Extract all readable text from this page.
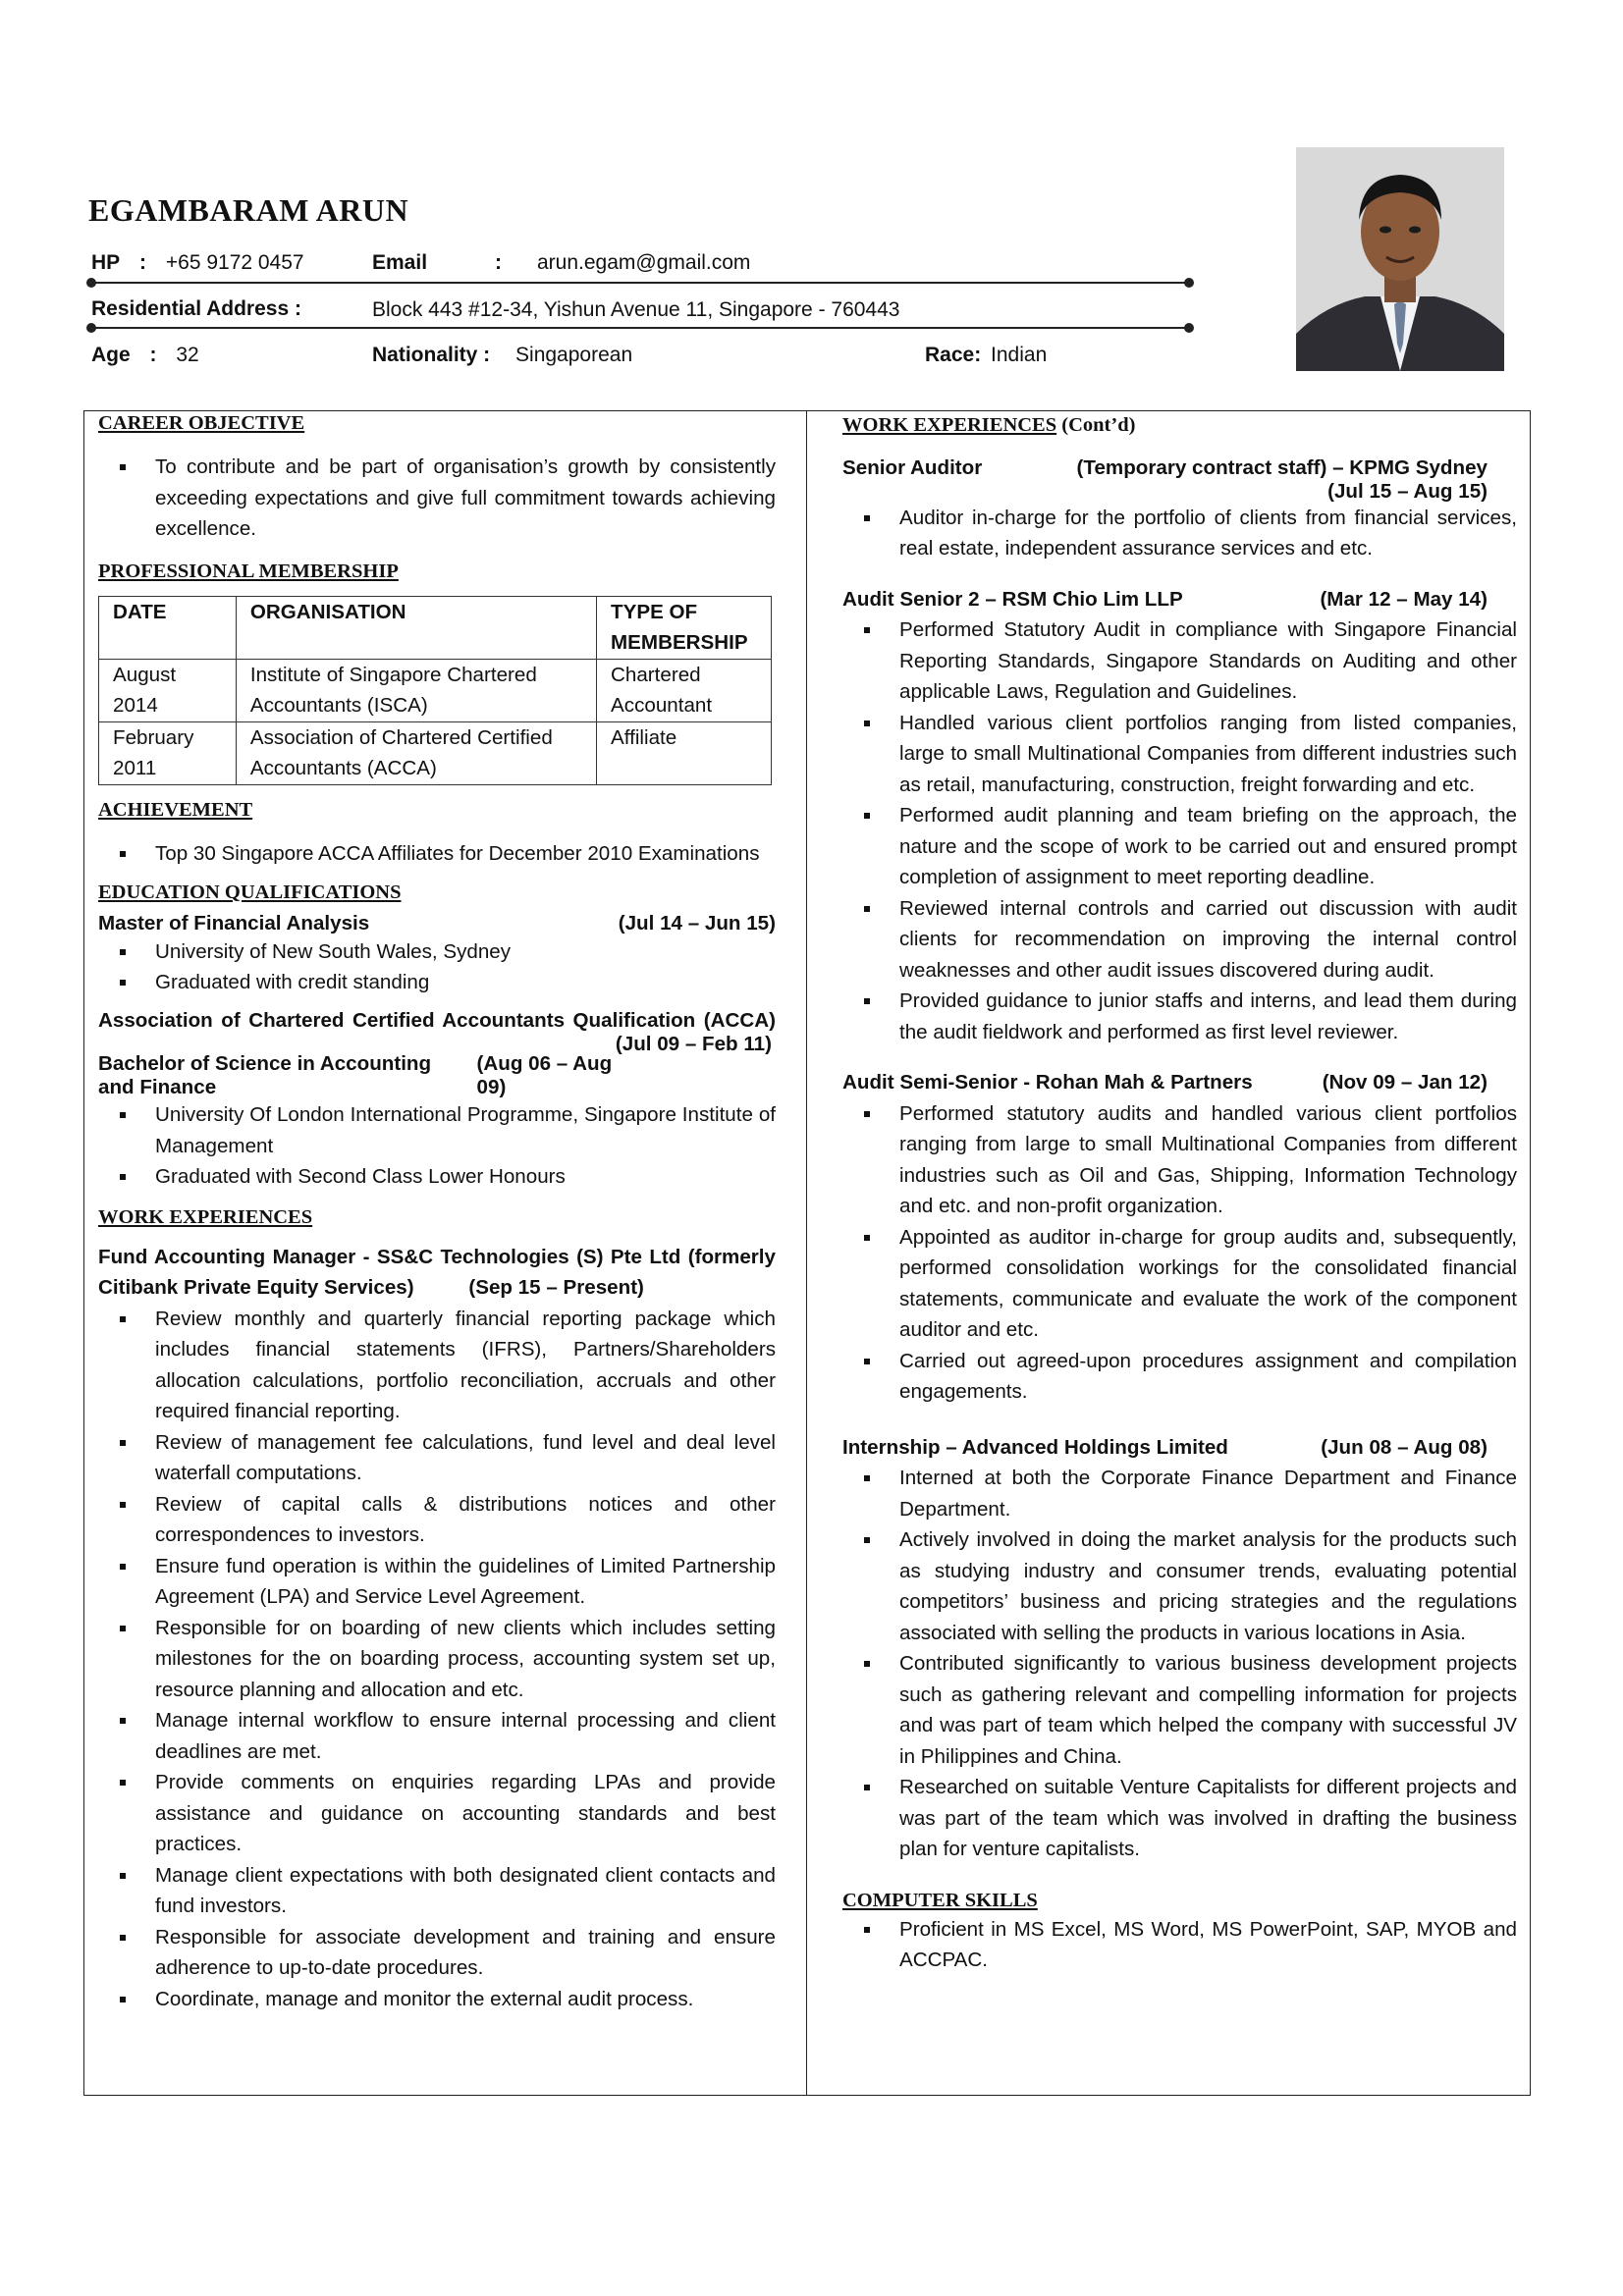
EGAMBARAM ARUN
HP : +65 9172 0457	Email	: arun.egam@gmail.com
Residential Address :	Block 443 #12-34, Yishun Avenue 11, Singapore - 760443
Age : 32	Nationality : Singaporean	Race: Indian
CAREER OBJECTIVE
To contribute and be part of organisation’s growth by consistently exceeding expectations and give full commitment towards achieving excellence.
PROFESSIONAL MEMBERSHIP
DATE	ORGANISATION	TYPE OF MEMBERSHIP
August 2014	Institute of Singapore Chartered Accountants (ISCA)	Chartered Accountant
February 2011	Association of Chartered Certified Accountants (ACCA)	Affiliate
ACHIEVEMENT
Top 30 Singapore ACCA Affiliates for December 2010 Examinations
EDUCATION QUALIFICATIONS
Master of Financial Analysis	(Jul 14 – Jun 15)
University of New South Wales, Sydney
Graduated with credit standing
Association of Chartered Certified Accountants Qualification (ACCA)
(Jul 09 – Feb 11)
Bachelor of Science in Accounting and Finance
(Aug 06 – Aug 09)
University Of London International Programme, Singapore Institute of Management
Graduated with Second Class Lower Honours
WORK EXPERIENCES
Fund Accounting Manager - SS&C Technologies (S) Pte Ltd (formerly Citibank Private Equity Services)	(Sep 15 – Present)
Review monthly and quarterly financial reporting package which includes financial statements (IFRS), Partners/Shareholders allocation calculations, portfolio reconciliation, accruals and other required financial reporting.
Review of management fee calculations, fund level and deal level waterfall computations.
Review of capital calls & distributions notices and other correspondences to investors.
Ensure fund operation is within the guidelines of Limited Partnership Agreement (LPA) and Service Level Agreement.
Responsible for on boarding of new clients which includes setting milestones for the on boarding process, accounting system set up, resource planning and allocation and etc.
Manage internal workflow to ensure internal processing and client deadlines are met.
Provide comments on enquiries regarding LPAs and provide assistance and guidance on accounting standards and best practices.
Manage client expectations with both designated client contacts and fund investors.
Responsible for associate development and training and ensure adherence to up-to-date procedures.
Coordinate, manage and monitor the external audit process.
WORK EXPERIENCES (Cont’d)
Senior Auditor	(Temporary contract staff) – KPMG Sydney
(Jul 15 – Aug 15)
Auditor in-charge for the portfolio of clients from financial services, real estate, independent assurance services and etc.
Audit Senior 2 – RSM Chio Lim LLP	(Mar 12 – May 14)
Performed Statutory Audit in compliance with Singapore Financial Reporting Standards, Singapore Standards on Auditing and other applicable Laws, Regulation and Guidelines.
Handled various client portfolios ranging from listed companies, large to small Multinational Companies from different industries such as retail, manufacturing, construction, freight forwarding and etc.
Performed audit planning and team briefing on the approach, the nature and the scope of work to be carried out and ensured prompt completion of assignment to meet reporting deadline.
Reviewed internal controls and carried out discussion with audit clients for recommendation on improving the internal control weaknesses and other audit issues discovered during audit.
Provided guidance to junior staffs and interns, and lead them during the audit fieldwork and performed as first level reviewer.
Audit Semi-Senior - Rohan Mah & Partners	(Nov 09 – Jan 12)
Performed statutory audits and handled various client portfolios ranging from large to small Multinational Companies from different industries such as Oil and Gas, Shipping, Information Technology and etc. and non-profit organization.
Appointed as auditor in-charge for group audits and, subsequently, performed consolidation workings for the consolidated financial statements, communicate and evaluate the work of the component auditor and etc.
Carried out agreed-upon procedures assignment and compilation engagements.
Internship – Advanced Holdings Limited	(Jun 08 – Aug 08)
Interned at both the Corporate Finance Department and Finance Department.
Actively involved in doing the market analysis for the products such as studying industry and consumer trends, evaluating potential competitors’ business and pricing strategies and the regulations associated with selling the products in various locations in Asia.
Contributed significantly to various business development projects such as gathering relevant and compelling information for projects and was part of team which helped the company with successful JV in Philippines and China.
Researched on suitable Venture Capitalists for different projects and was part of the team which was involved in drafting the business plan for venture capitalists.
COMPUTER SKILLS
Proficient in MS Excel, MS Word, MS PowerPoint, SAP, MYOB and ACCPAC.
